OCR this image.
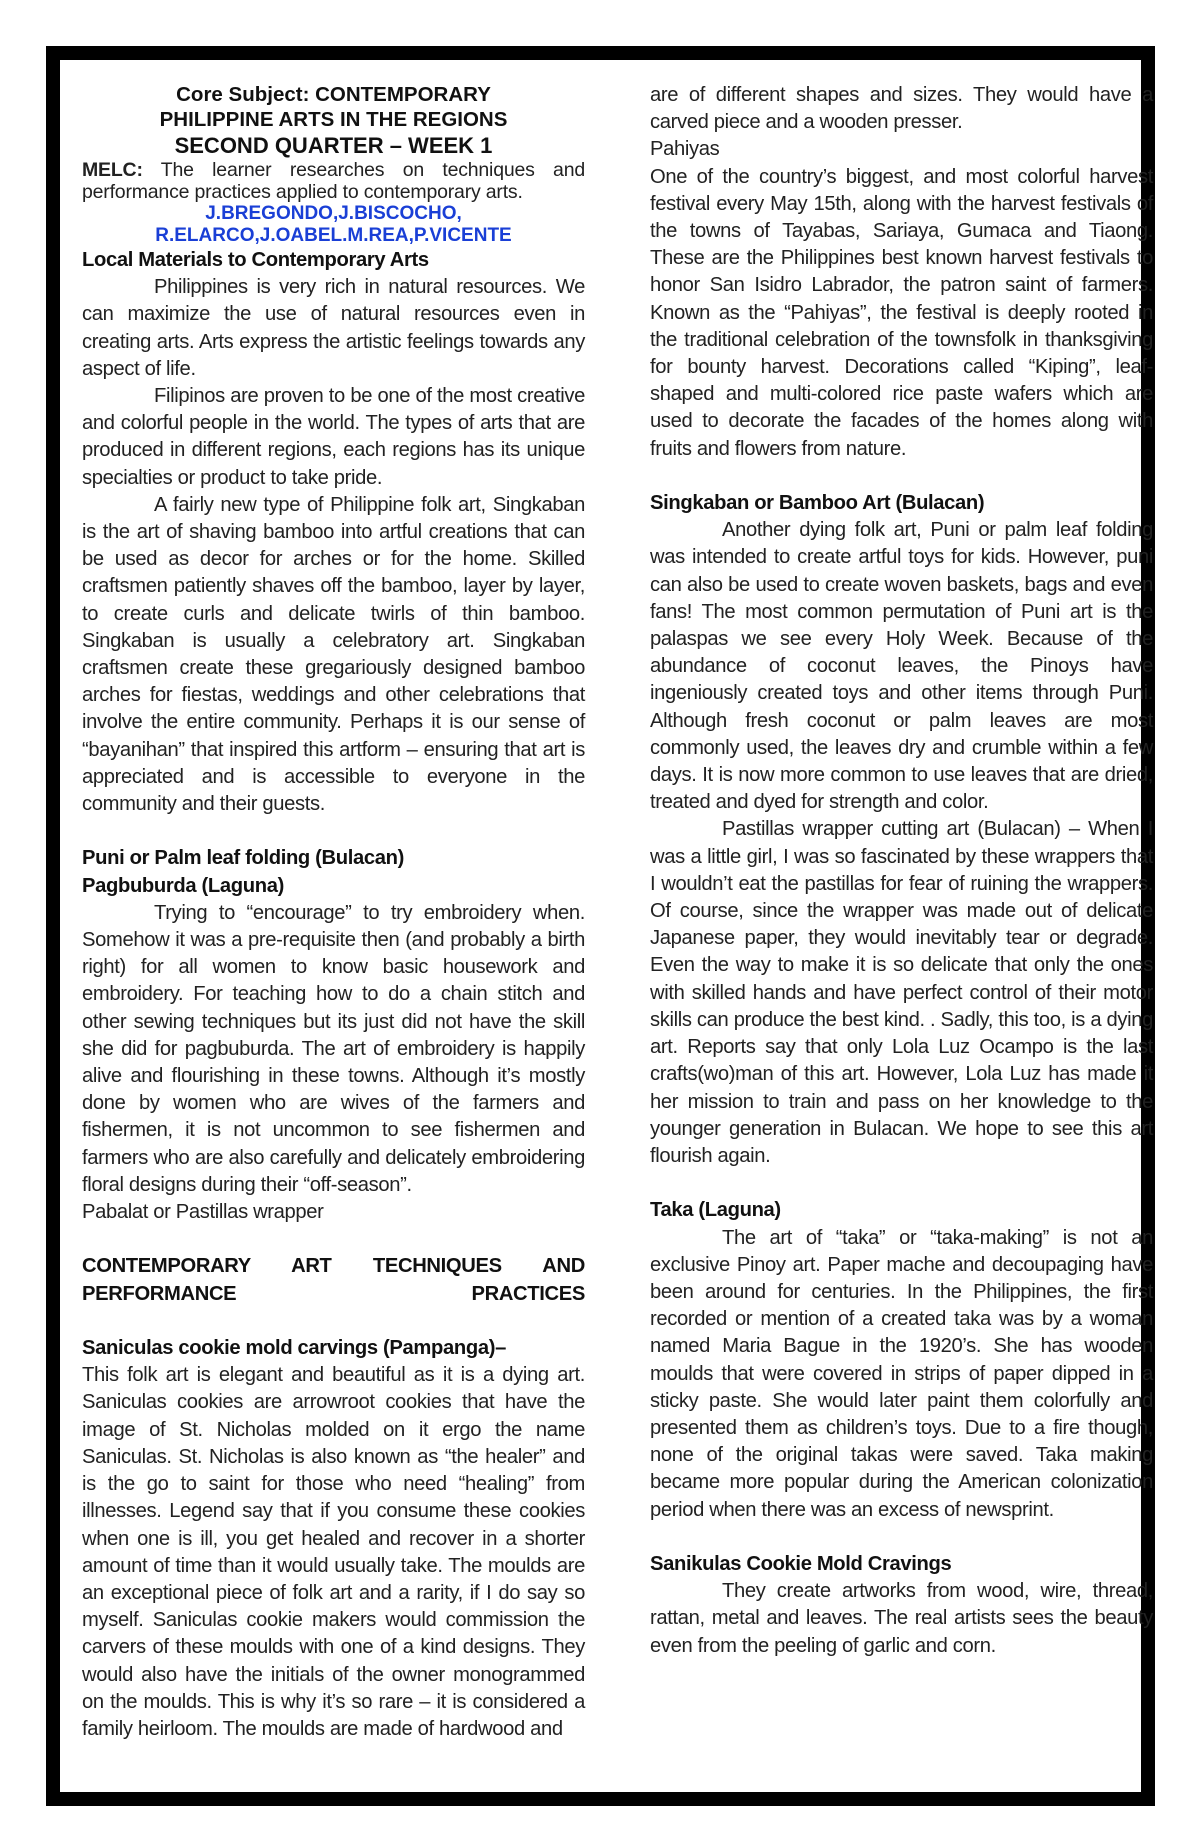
Core Subject: CONTEMPORARY
PHILIPPINE ARTS IN THE REGIONS
SECOND QUARTER – WEEK 1
MELC: The learner researches on techniques and performance practices applied to contemporary arts.
J.BREGONDO,J.BISCOCHO,
R.ELARCO,J.OABEL.M.REA,P.VICENTE
Local Materials to Contemporary Arts

Philippines is very rich in natural resources. We can maximize the use of natural resources even in creating arts. Arts express the artistic feelings towards any aspect of life.

Filipinos are proven to be one of the most creative and colorful people in the world. The types of arts that are produced in different regions, each regions has its unique specialties or product to take pride.

A fairly new type of Philippine folk art, Singkaban is the art of shaving bamboo into artful creations that can be used as decor for arches or for the home. Skilled craftsmen patiently shaves off the bamboo, layer by layer, to create curls and delicate twirls of thin bamboo. Singkaban is usually a celebratory art. Singkaban craftsmen create these gregariously designed bamboo arches for fiestas, weddings and other celebrations that involve the entire community. Perhaps it is our sense of “bayanihan” that inspired this artform – ensuring that art is appreciated and is accessible to everyone in the community and their guests.

Puni or Palm leaf folding (Bulacan)
Pagbuburda (Laguna)

Trying to “encourage” to try embroidery when. Somehow it was a pre-requisite then (and probably a birth right) for all women to know basic housework and embroidery. For teaching how to do a chain stitch and other sewing techniques but its just did not have the skill she did for pagbuburda. The art of embroidery is happily alive and flourishing in these towns. Although it’s mostly done by women who are wives of the farmers and fishermen, it is not uncommon to see fishermen and farmers who are also carefully and delicately embroidering floral designs during their “off-season”.

Pabalat or Pastillas wrapper

CONTEMPORARY ART TECHNIQUES AND PERFORMANCE PRACTICES
Saniculas cookie mold carvings (Pampanga)–

This folk art is elegant and beautiful as it is a dying art. Saniculas cookies are arrowroot cookies that have the image of St. Nicholas molded on it ergo the name Saniculas. St. Nicholas is also known as “the healer” and is the go to saint for those who need “healing” from illnesses. Legend say that if you consume these cookies when one is ill, you get healed and recover in a shorter amount of time than it would usually take. The moulds are an exceptional piece of folk art and a rarity, if I do say so myself. Saniculas cookie makers would commission the carvers of these moulds with one of a kind designs. They would also have the initials of the owner monogrammed on the moulds. This is why it’s so rare – it is considered a family heirloom. The moulds are made of hardwood and

are of different shapes and sizes. They would have a carved piece and a wooden presser.

Pahiyas

One of the country’s biggest, and most colorful harvest festival every May 15th, along with the harvest festivals of the towns of Tayabas, Sariaya, Gumaca and Tiaong. These are the Philippines best known harvest festivals to honor San Isidro Labrador, the patron saint of farmers. Known as the “Pahiyas”, the festival is deeply rooted in the traditional celebration of the townsfolk in thanksgiving for bounty harvest. Decorations called “Kiping”, leaf-shaped and multi-colored rice paste wafers which are used to decorate the facades of the homes along with fruits and flowers from nature.

Singkaban or Bamboo Art (Bulacan)

Another dying folk art, Puni or palm leaf folding was intended to create artful toys for kids. However, puni can also be used to create woven baskets, bags and even fans! The most common permutation of Puni art is the palaspas we see every Holy Week. Because of the abundance of coconut leaves, the Pinoys have ingeniously created toys and other items through Puni. Although fresh coconut or palm leaves are most commonly used, the leaves dry and crumble within a few days. It is now more common to use leaves that are dried, treated and dyed for strength and color.

Pastillas wrapper cutting art (Bulacan) – When I was a little girl, I was so fascinated by these wrappers that I wouldn’t eat the pastillas for fear of ruining the wrappers. Of course, since the wrapper was made out of delicate Japanese paper, they would inevitably tear or degrade. Even the way to make it is so delicate that only the ones with skilled hands and have perfect control of their motor skills can produce the best kind. . Sadly, this too, is a dying art. Reports say that only Lola Luz Ocampo is the last crafts(wo)man of this art. However, Lola Luz has made it her mission to train and pass on her knowledge to the younger generation in Bulacan. We hope to see this art flourish again.

Taka (Laguna)

The art of “taka” or “taka-making” is not an exclusive Pinoy art. Paper mache and decoupaging have been around for centuries. In the Philippines, the first recorded or mention of a created taka was by a woman named Maria Bague in the 1920’s. She has wooden moulds that were covered in strips of paper dipped in a sticky paste. She would later paint them colorfully and presented them as children’s toys. Due to a fire though, none of the original takas were saved. Taka making became more popular during the American colonization period when there was an excess of newsprint.

Sanikulas Cookie Mold Cravings

They create artworks from wood, wire, thread, rattan, metal and leaves. The real artists sees the beauty even from the peeling of garlic and corn.
